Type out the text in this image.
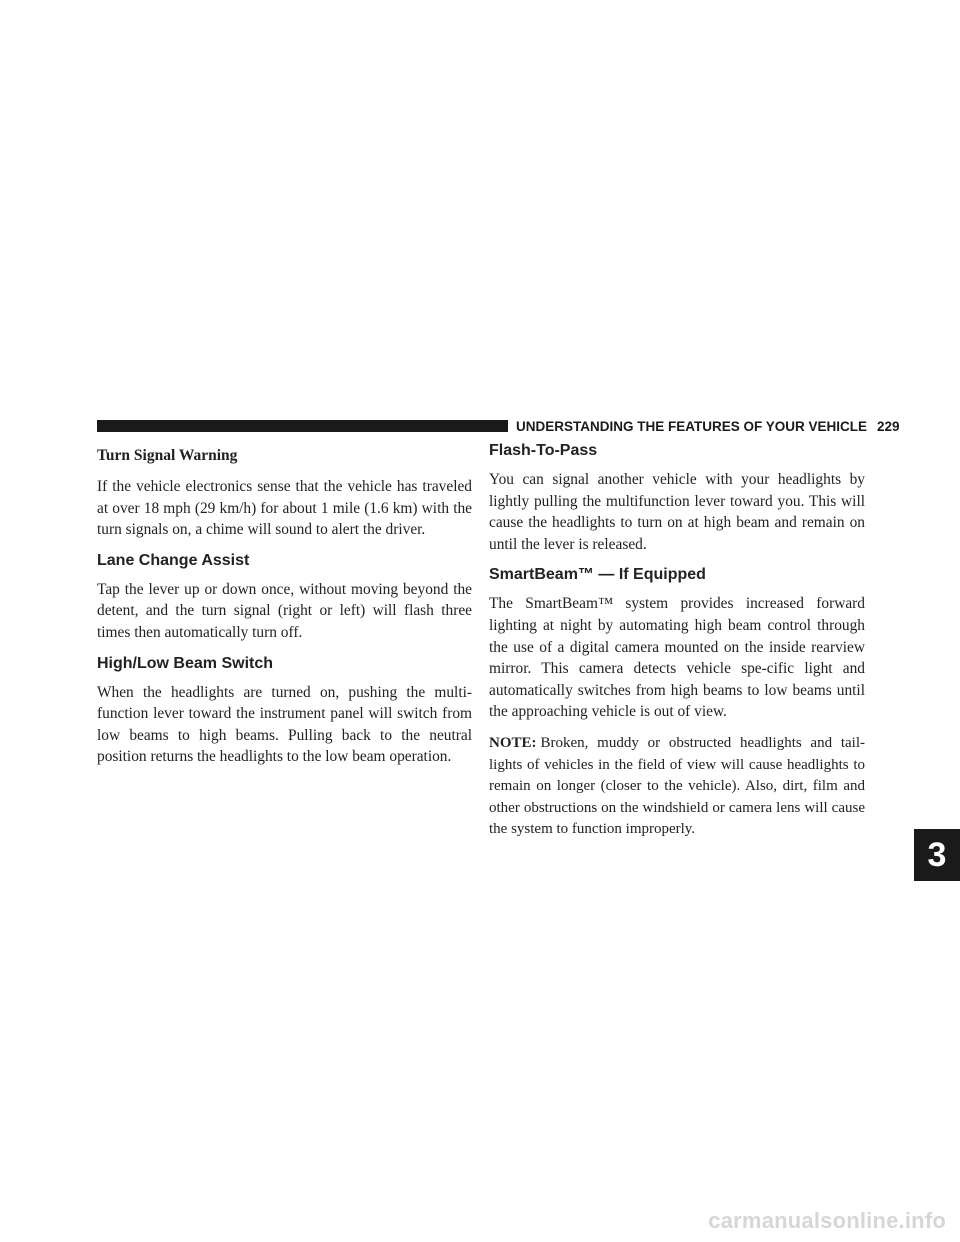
UNDERSTANDING THE FEATURES OF YOUR VEHICLE 229
3
Turn Signal Warning

If the vehicle electronics sense that the vehicle has traveled at over 18 mph (29 km/h) for about 1 mile (1.6 km) with the turn signals on, a chime will sound to alert the driver.

Lane Change Assist

Tap the lever up or down once, without moving beyond the detent, and the turn signal (right or left) will flash three times then automatically turn off.

High/Low Beam Switch

When the headlights are turned on, pushing the multi-function lever toward the instrument panel will switch from low beams to high beams. Pulling back to the neutral position returns the headlights to the low beam operation.

Flash-To-Pass

You can signal another vehicle with your headlights by lightly pulling the multifunction lever toward you. This will cause the headlights to turn on at high beam and remain on until the lever is released.

SmartBeam™ — If Equipped

The SmartBeam™ system provides increased forward lighting at night by automating high beam control through the use of a digital camera mounted on the inside rearview mirror. This camera detects vehicle spe-cific light and automatically switches from high beams to low beams until the approaching vehicle is out of view.

NOTE: Broken, muddy or obstructed headlights and tail-lights of vehicles in the field of view will cause headlights to remain on longer (closer to the vehicle). Also, dirt, film and other obstructions on the windshield or camera lens will cause the system to function improperly.

carmanualsonline.info
